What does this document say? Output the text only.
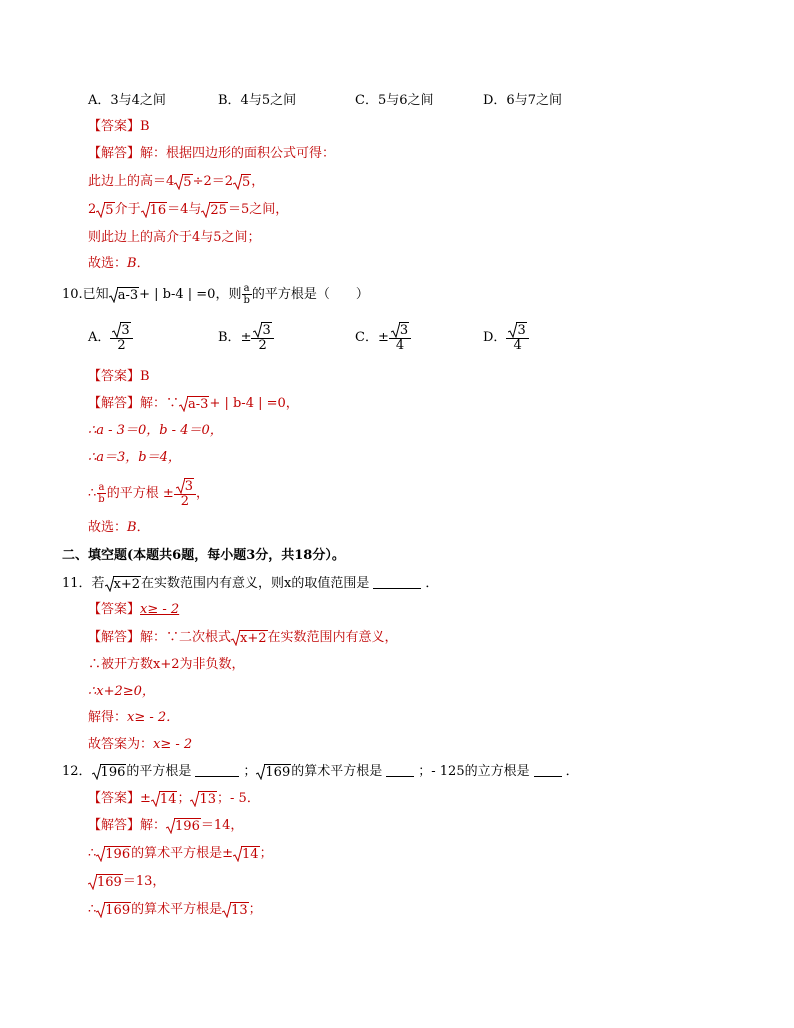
A．3与4之间	B．4与5之间	C．5与6之间	D．6与7之间
【答案】B
【解答】解：根据四边形的面积公式可得：
此边上的高＝4 5 ÷2＝2 5 ，
2 5 介于 16 ＝4与 25 ＝5之间，
则此边上的高介于4与5之间；
故选：B．
10.已知 a-3 + | b-4 | =0，则 $\frac{a}{b}$ 的平方根是（　　）
A． $\frac{3}{2}$	B．± $\frac{3}{2}$	C．± $\frac{3}{4}$	D． $\frac{3}{4}$
【答案】B
【解答】解：∵ a-3 + | b-4 | =0，
∴a - 3＝0，b - 4＝0，
∴a＝3，b＝4，
∴ $\frac{a}{b}$ 的平方根 ± $\frac{3}{2}$ ，
故选：B．
二、填空题(本题共6题，每小题3分，共18分）。
11．若 x+2 在实数范围内有意义，则x的取值范围是	．
【答案】x≥ - 2
【解答】解：∵二次根式 x+2 在实数范围内有意义，
∴被开方数x+2为非负数，
∴x+2≥0，
解得：x≥ - 2．
故答案为：x≥ - 2
12． 196 的平方根是	； 169 的算术平方根是	；- 125的立方根是	．
【答案】± 14 ； 13 ；- 5．
【解答】解： 196 ＝14，
∴ 196 的算术平方根是± 14 ；
169 ＝13，
∴ 169 的算术平方根是 13 ；
